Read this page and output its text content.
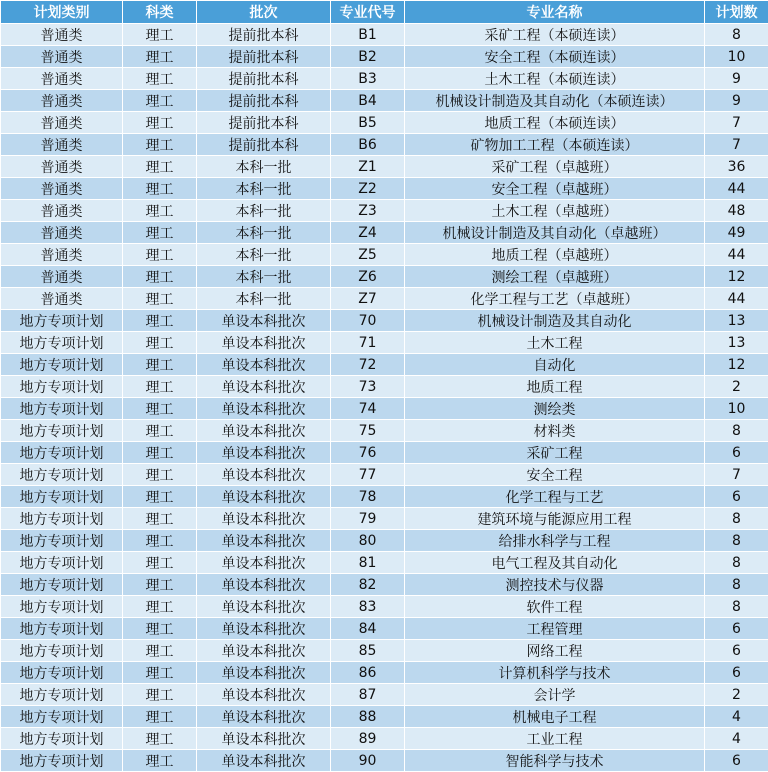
计划类别	科类	批次	专业代号	专业名称	计划数
普通类	理工	提前批本科	B1	采矿工程（本硕连读）	8
普通类	理工	提前批本科	B2	安全工程（本硕连读）	10
普通类	理工	提前批本科	B3	土木工程（本硕连读）	9
普通类	理工	提前批本科	B4	机械设计制造及其自动化（本硕连读）	9
普通类	理工	提前批本科	B5	地质工程（本硕连读）	7
普通类	理工	提前批本科	B6	矿物加工工程（本硕连读）	7
普通类	理工	本科一批	Z1	采矿工程（卓越班）	36
普通类	理工	本科一批	Z2	安全工程（卓越班）	44
普通类	理工	本科一批	Z3	土木工程（卓越班）	48
普通类	理工	本科一批	Z4	机械设计制造及其自动化（卓越班）	49
普通类	理工	本科一批	Z5	地质工程（卓越班）	44
普通类	理工	本科一批	Z6	测绘工程（卓越班）	12
普通类	理工	本科一批	Z7	化学工程与工艺（卓越班）	44
地方专项计划	理工	单设本科批次	70	机械设计制造及其自动化	13
地方专项计划	理工	单设本科批次	71	土木工程	13
地方专项计划	理工	单设本科批次	72	自动化	12
地方专项计划	理工	单设本科批次	73	地质工程	2
地方专项计划	理工	单设本科批次	74	测绘类	10
地方专项计划	理工	单设本科批次	75	材料类	8
地方专项计划	理工	单设本科批次	76	采矿工程	6
地方专项计划	理工	单设本科批次	77	安全工程	7
地方专项计划	理工	单设本科批次	78	化学工程与工艺	6
地方专项计划	理工	单设本科批次	79	建筑环境与能源应用工程	8
地方专项计划	理工	单设本科批次	80	给排水科学与工程	8
地方专项计划	理工	单设本科批次	81	电气工程及其自动化	8
地方专项计划	理工	单设本科批次	82	测控技术与仪器	8
地方专项计划	理工	单设本科批次	83	软件工程	8
地方专项计划	理工	单设本科批次	84	工程管理	6
地方专项计划	理工	单设本科批次	85	网络工程	6
地方专项计划	理工	单设本科批次	86	计算机科学与技术	6
地方专项计划	理工	单设本科批次	87	会计学	2
地方专项计划	理工	单设本科批次	88	机械电子工程	4
地方专项计划	理工	单设本科批次	89	工业工程	4
地方专项计划	理工	单设本科批次	90	智能科学与技术	6
